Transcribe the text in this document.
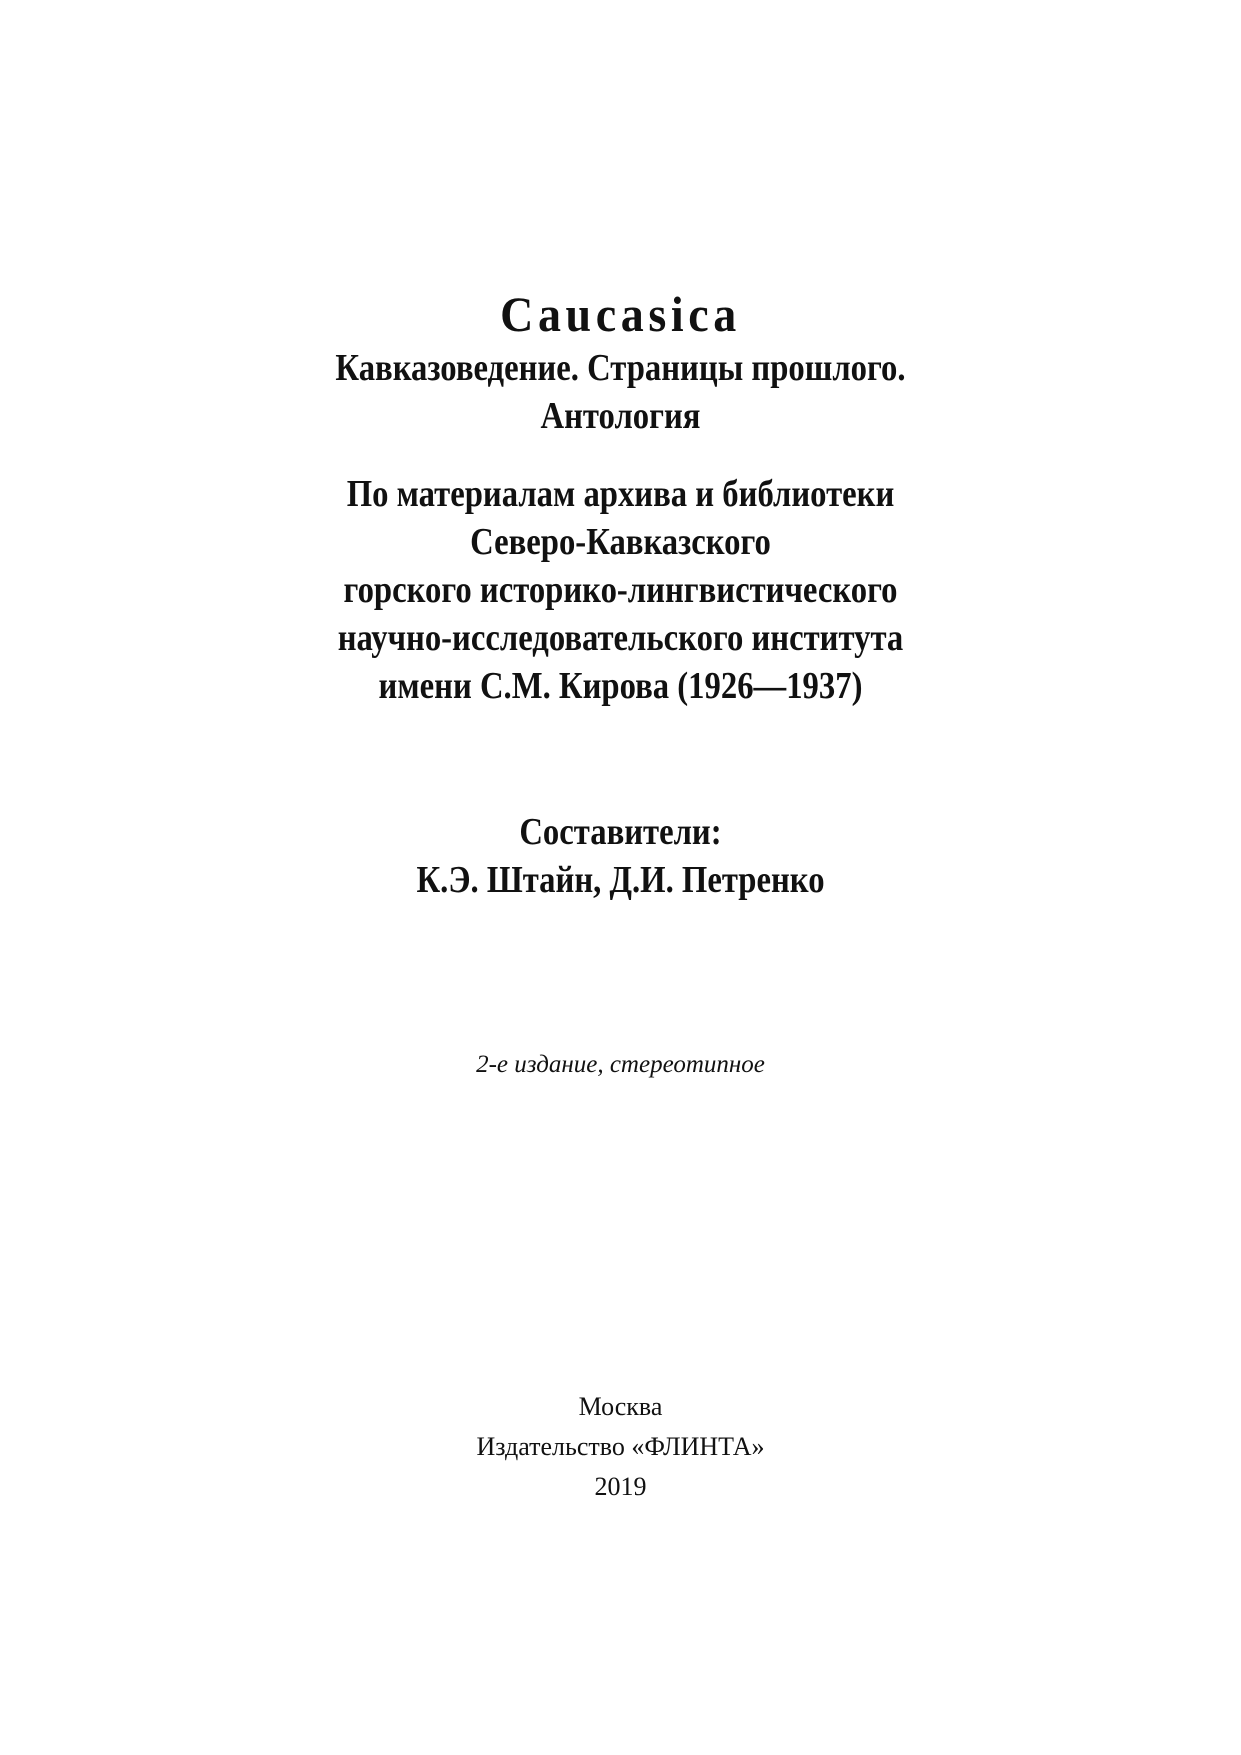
Caucasica
Кавказоведение. Страницы прошлого.
Антология
По материалам архива и библиотеки
Северо-Кавказского
горского историко-лингвистического
научно-исследовательского института
имени С.М. Кирова (1926—1937)
Составители:
К.Э. Штайн, Д.И. Петренко
2-е издание, стереотипное
Москва
Издательство «ФЛИНТА»
2019
